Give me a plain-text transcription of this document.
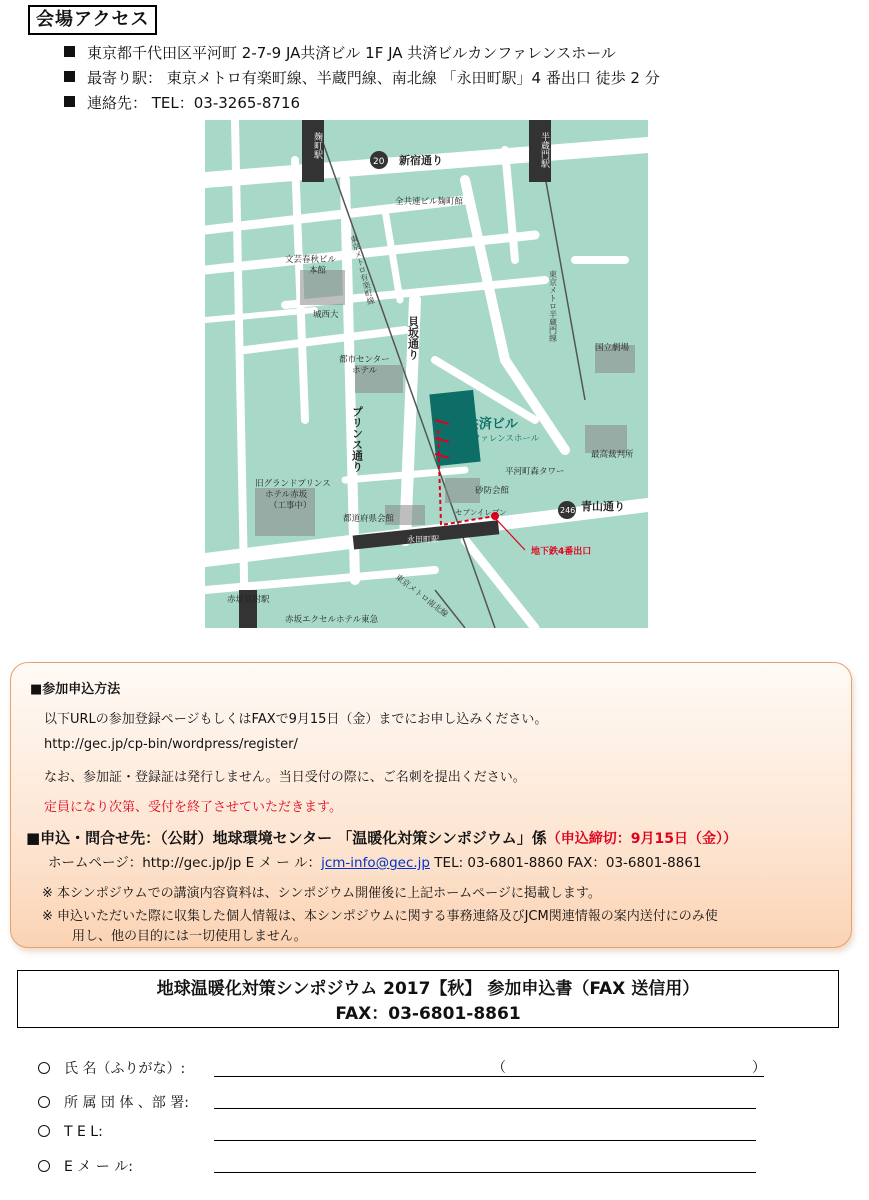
会場アクセス
東京都千代田区平河町 2-7-9 JA共済ビル 1F JA 共済ビルカンファレンスホール
最寄り駅： 東京メトロ有楽町線、半蔵門線、南北線 「永田町駅」4 番出口 徒歩 2 分
連絡先： TEL：03-3265-8716
麹町駅	半蔵門駅
20 新宿通り
全共連ビル麹町館
文芸春秋ビル
本館
城西大
東京メトロ有楽町線
東京メトロ半蔵門線
貝坂通り
都市センター
ホテル
国立劇場
JA共済ビル
カンファレンスホール
プリンス通り	最高裁判所
平河町森タワー
旧グランドプリンス
ホテル赤坂
（工事中）
砂防会館
セブンイレブン	246 青山通り
都道府県会館
地下鉄4番出口
永田町駅
赤坂見附駅	東京メトロ南北線
赤坂エクセルホテル東急
■参加申込方法
以下URLの参加登録ページもしくはFAXで9月15日（金）までにお申し込みください。
http://gec.jp/cp-bin/wordpress/register/
なお、参加証・登録証は発行しません。当日受付の際に、ご名刺を提出ください。
定員になり次第、受付を終了させていただきます。
■申込・問合せ先：（公財）地球環境センター 「温暖化対策シンポジウム」係（申込締切：9月15日（金））
ホームページ：http://gec.jp/jp E メ ー ル：jcm-info@gec.jp TEL: 03-6801-8860 FAX：03-6801-8861
※ 本シンポジウムでの講演内容資料は、シンポジウム開催後に上記ホームページに掲載します。
※ 申込いただいた際に収集した個人情報は、本シンポジウムに関する事務連絡及びJCM関連情報の案内送付にのみ使
用し、他の目的には一切使用しません。
地球温暖化対策シンポジウム 2017【秋】 参加申込書（FAX 送信用）
FAX：03-6801-8861
氏 名（ふりがな）:	（	）
所 属 団 体 、部 署:
T E L:
E メ ー ル:
